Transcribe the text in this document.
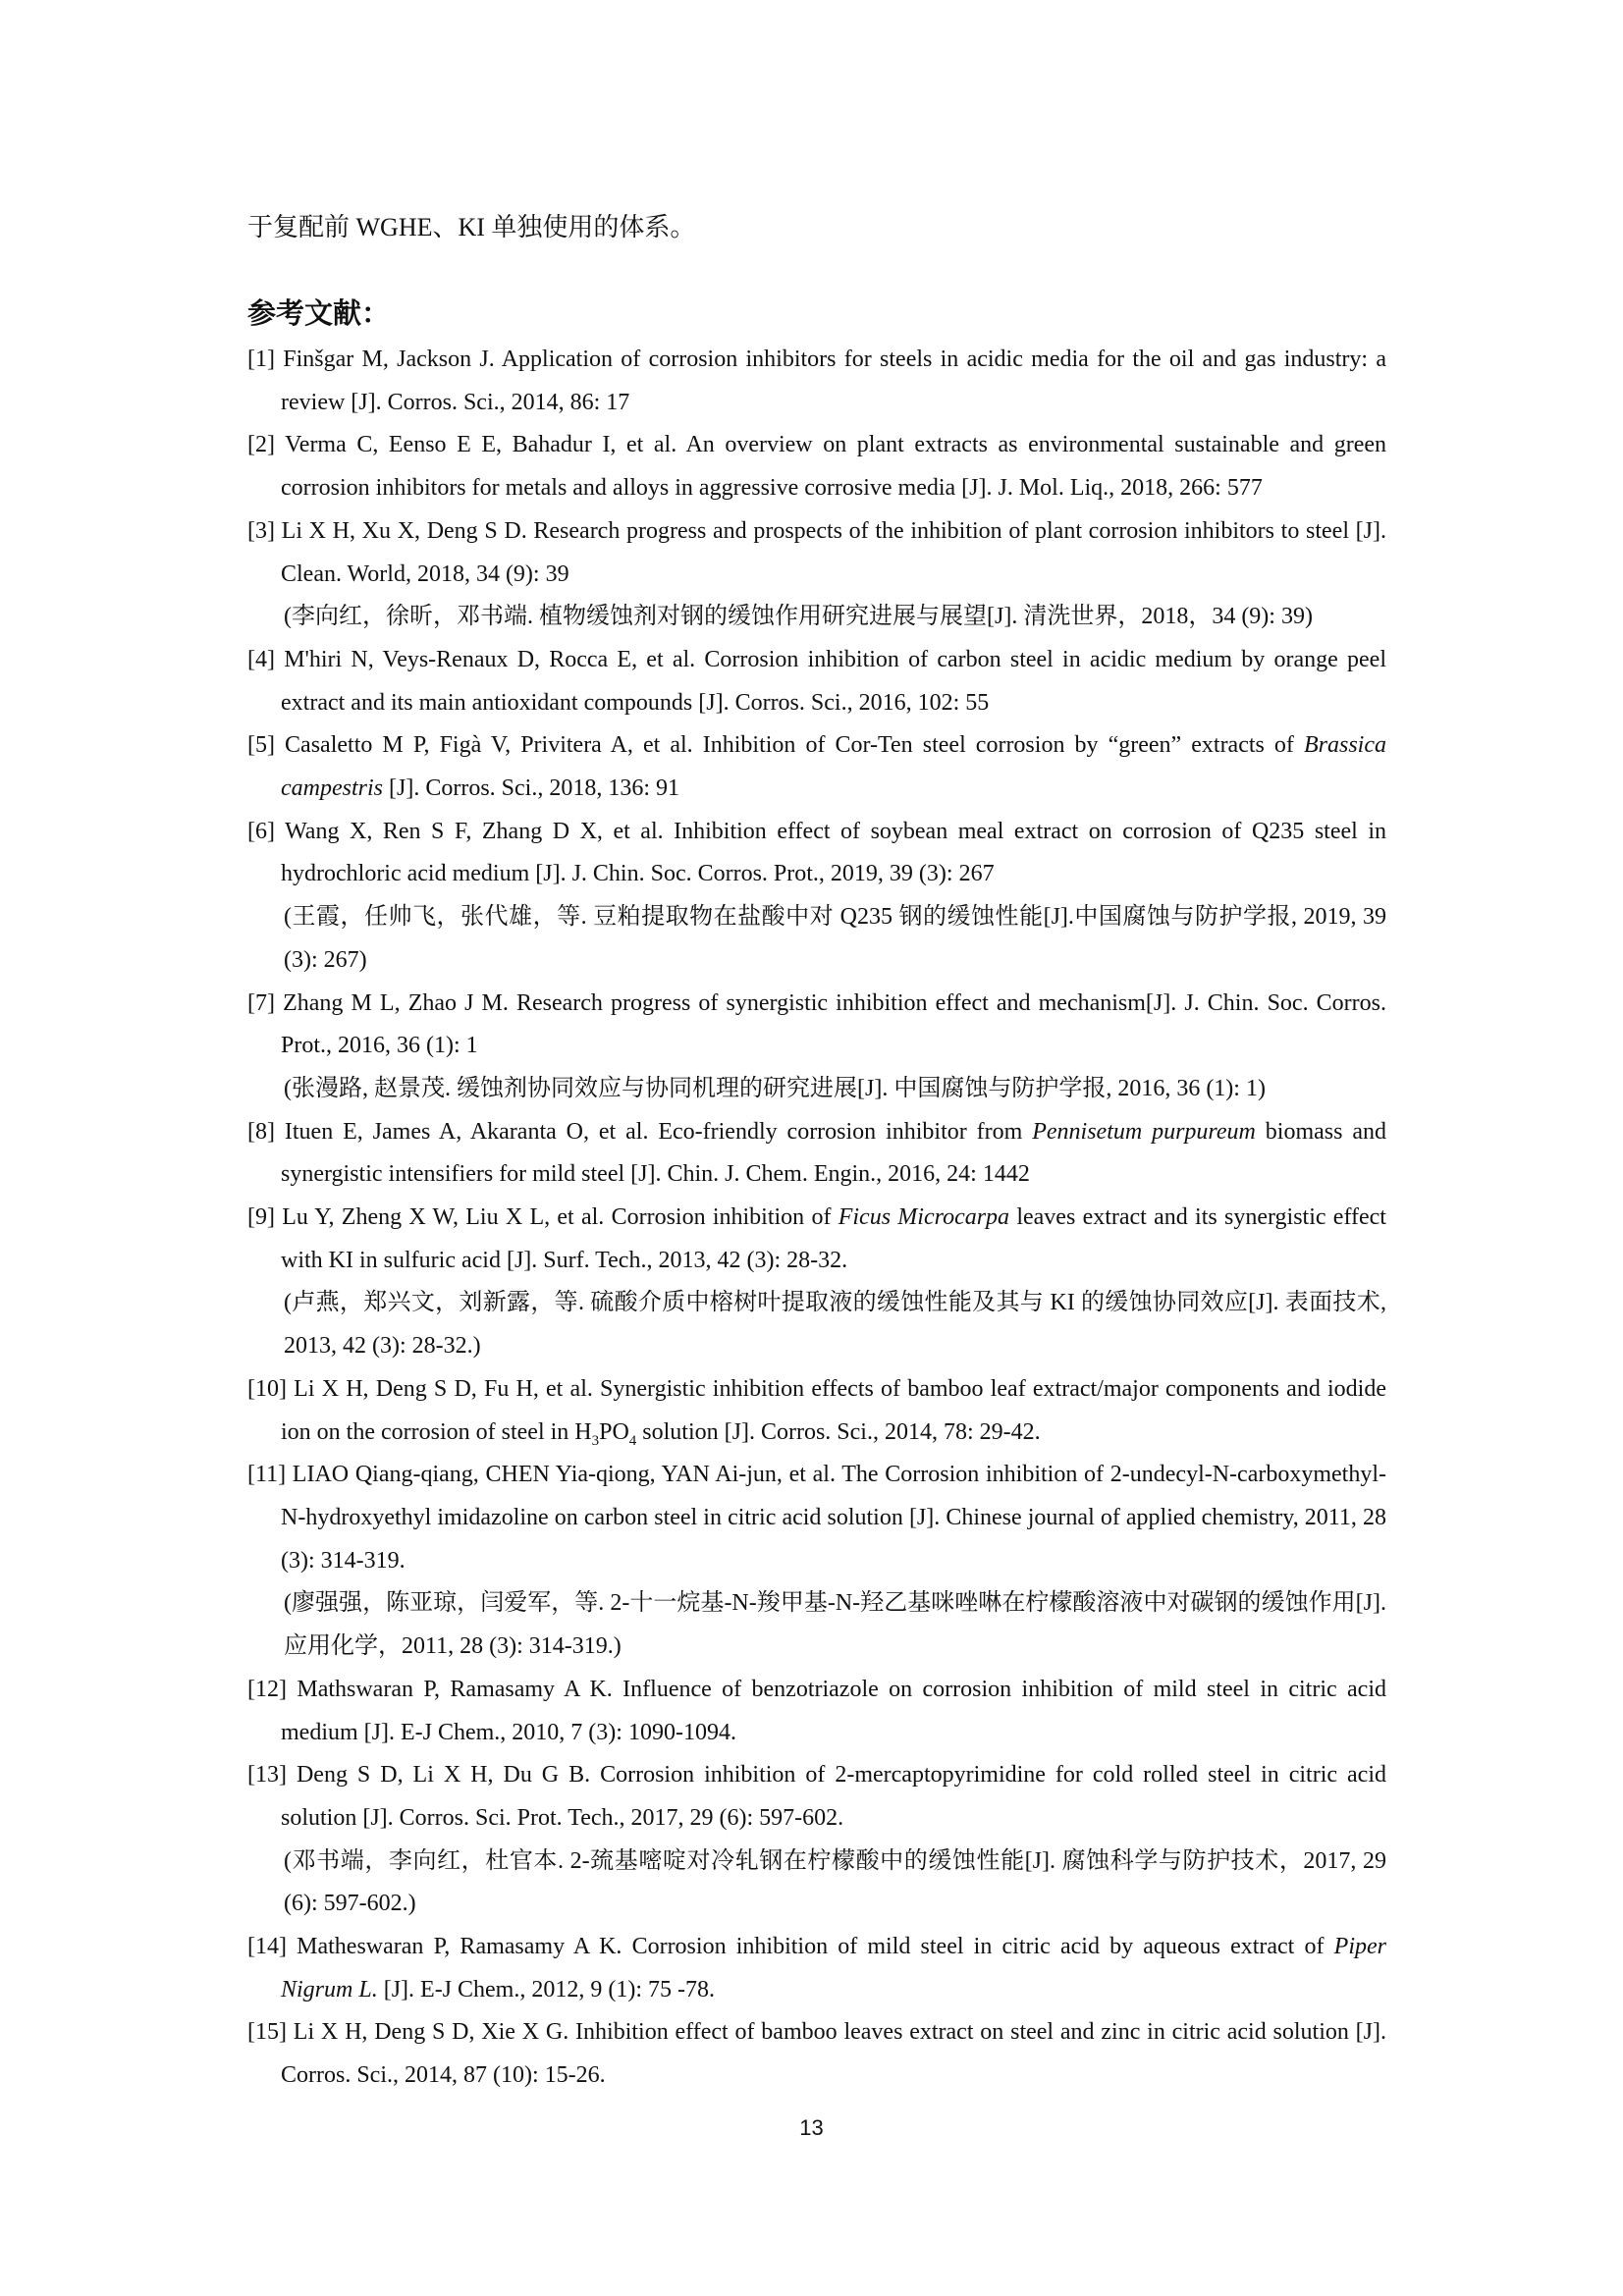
于复配前 WGHE、KI 单独使用的体系。
参考文献：
[1] Finšgar M, Jackson J. Application of corrosion inhibitors for steels in acidic media for the oil and gas industry: a review [J]. Corros. Sci., 2014, 86: 17
[2] Verma C, Eenso E E, Bahadur I, et al. An overview on plant extracts as environmental sustainable and green corrosion inhibitors for metals and alloys in aggressive corrosive media [J]. J. Mol. Liq., 2018, 266: 577
[3] Li X H, Xu X, Deng S D. Research progress and prospects of the inhibition of plant corrosion inhibitors to steel [J]. Clean. World, 2018, 34 (9): 39
(李向红，徐昕，邓书端. 植物缓蚀剂对钢的缓蚀作用研究进展与展望[J]. 清洗世界，2018，34 (9): 39)
[4] M'hiri N, Veys-Renaux D, Rocca E, et al. Corrosion inhibition of carbon steel in acidic medium by orange peel extract and its main antioxidant compounds [J]. Corros. Sci., 2016, 102: 55
[5] Casaletto M P, Figà V, Privitera A, et al. Inhibition of Cor-Ten steel corrosion by “green” extracts of Brassica campestris [J]. Corros. Sci., 2018, 136: 91
[6] Wang X, Ren S F, Zhang D X, et al. Inhibition effect of soybean meal extract on corrosion of Q235 steel in hydrochloric acid medium [J]. J. Chin. Soc. Corros. Prot., 2019, 39 (3): 267
(王霞，任帅飞，张代雄，等. 豆粕提取物在盐酸中对 Q235 钢的缓蚀性能[J].中国腐蚀与防护学报, 2019, 39 (3): 267)
[7] Zhang M L, Zhao J M. Research progress of synergistic inhibition effect and mechanism[J]. J. Chin. Soc. Corros. Prot., 2016, 36 (1): 1
(张漫路, 赵景茂. 缓蚀剂协同效应与协同机理的研究进展[J]. 中国腐蚀与防护学报, 2016, 36 (1): 1)
[8] Ituen E, James A, Akaranta O, et al. Eco-friendly corrosion inhibitor from Pennisetum purpureum biomass and synergistic intensifiers for mild steel [J]. Chin. J. Chem. Engin., 2016, 24: 1442
[9] Lu Y, Zheng X W, Liu X L, et al. Corrosion inhibition of Ficus Microcarpa leaves extract and its synergistic effect with KI in sulfuric acid [J]. Surf. Tech., 2013, 42 (3): 28-32.
(卢燕，郑兴文，刘新露，等. 硫酸介质中榕树叶提取液的缓蚀性能及其与 KI 的缓蚀协同效应[J]. 表面技术, 2013, 42 (3): 28-32.)
[10] Li X H, Deng S D, Fu H, et al. Synergistic inhibition effects of bamboo leaf extract/major components and iodide ion on the corrosion of steel in $H_3PO_4$ solution [J]. Corros. Sci., 2014, 78: 29-42.
[11] LIAO Qiang-qiang, CHEN Yia-qiong, YAN Ai-jun, et al. The Corrosion inhibition of 2-undecyl-N-carboxymethyl-N-hydroxyethyl imidazoline on carbon steel in citric acid solution [J]. Chinese journal of applied chemistry, 2011, 28 (3): 314-319.
(廖强强，陈亚琼，闫爱军，等. 2-十一烷基-N-羧甲基-N-羟乙基咪唑啉在柠檬酸溶液中对碳钢的缓蚀作用[J]. 应用化学，2011, 28 (3): 314-319.)
[12] Mathswaran P, Ramasamy A K. Influence of benzotriazole on corrosion inhibition of mild steel in citric acid medium [J]. E-J Chem., 2010, 7 (3): 1090-1094.
[13] Deng S D, Li X H, Du G B. Corrosion inhibition of 2-mercaptopyrimidine for cold rolled steel in citric acid solution [J]. Corros. Sci. Prot. Tech., 2017, 29 (6): 597-602.
(邓书端，李向红，杜官本. 2-巯基嘧啶对冷轧钢在柠檬酸中的缓蚀性能[J]. 腐蚀科学与防护技术，2017, 29 (6): 597-602.)
[14] Matheswaran P, Ramasamy A K. Corrosion inhibition of mild steel in citric acid by aqueous extract of Piper Nigrum L. [J]. E-J Chem., 2012, 9 (1): 75 -78.
[15] Li X H, Deng S D, Xie X G. Inhibition effect of bamboo leaves extract on steel and zinc in citric acid solution [J]. Corros. Sci., 2014, 87 (10): 15-26.
13
